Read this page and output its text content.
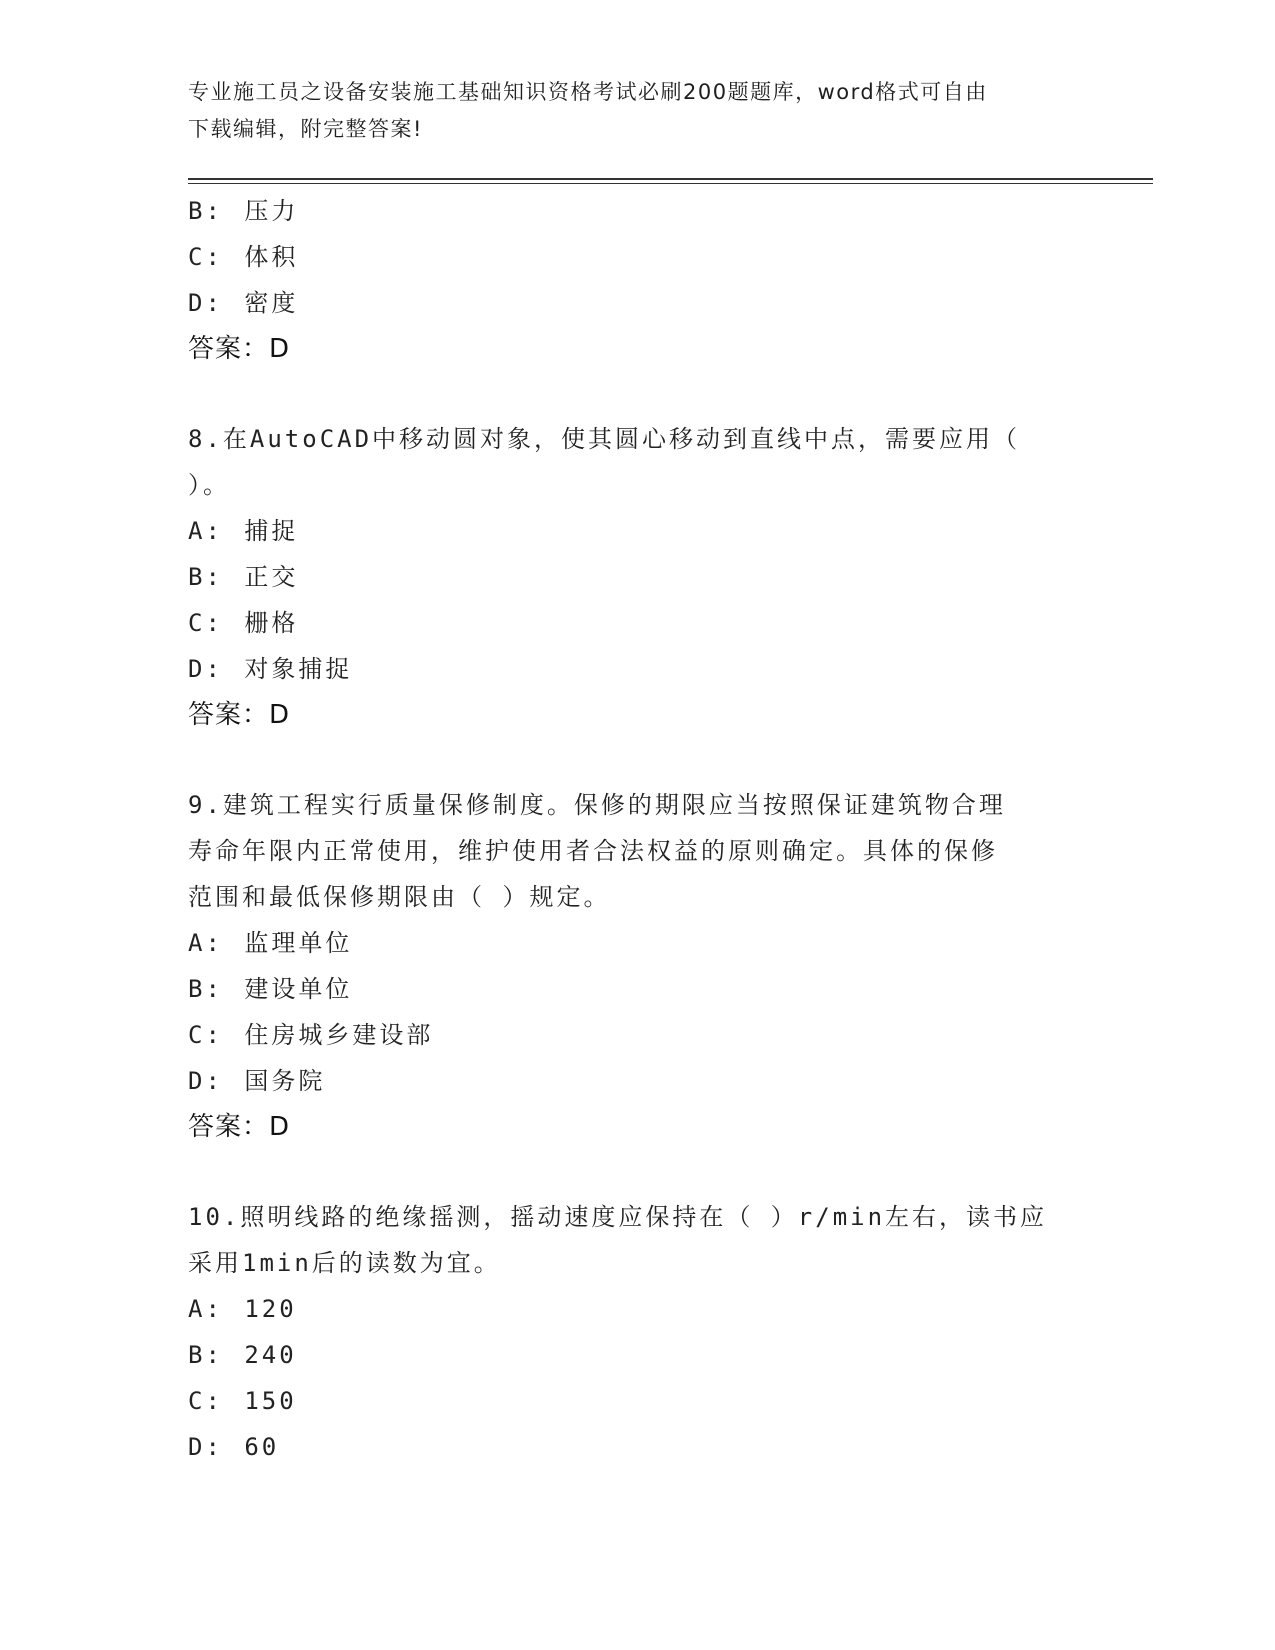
专业施工员之设备安装施工基础知识资格考试必刷200题题库，word格式可自由
下载编辑，附完整答案!
B: 压力
C: 体积
D: 密度
答案：D
8.在AutoCAD中移动圆对象，使其圆心移动到直线中点，需要应用（
）。
A: 捕捉
B: 正交
C: 栅格
D: 对象捕捉
答案：D
9.建筑工程实行质量保修制度。保修的期限应当按照保证建筑物合理
寿命年限内正常使用，维护使用者合法权益的原则确定。具体的保修
范围和最低保修期限由（ ）规定。
A: 监理单位
B: 建设单位
C: 住房城乡建设部
D: 国务院
答案：D
10.照明线路的绝缘摇测，摇动速度应保持在（ ）r/min左右，读书应
采用1min后的读数为宜。
A: 120
B: 240
C: 150
D: 60
